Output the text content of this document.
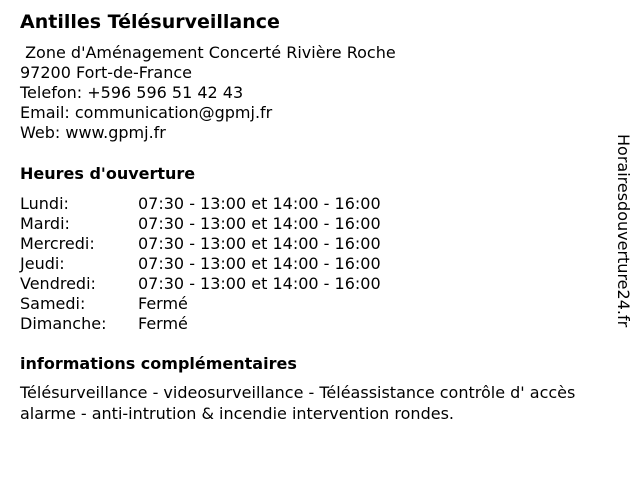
Antilles Télésurveillance
Zone d'Aménagement Concerté Rivière Roche
97200 Fort-de-France
Telefon: +596 596 51 42 43
Email: communication@gpmj.fr
Web: www.gpmj.fr
Heures d'ouverture
Lundi:	07:30 - 13:00 et 14:00 - 16:00
Mardi:	07:30 - 13:00 et 14:00 - 16:00
Mercredi:	07:30 - 13:00 et 14:00 - 16:00
Jeudi:	07:30 - 13:00 et 14:00 - 16:00
Vendredi:	07:30 - 13:00 et 14:00 - 16:00
Samedi:	Fermé
Dimanche: Fermé
informations complémentaires
Télésurveillance - videosurveillance - Téléassistance contrôle d' accès alarme - anti-intrution & incendie intervention rondes.
Horairesdouverture24.fr
